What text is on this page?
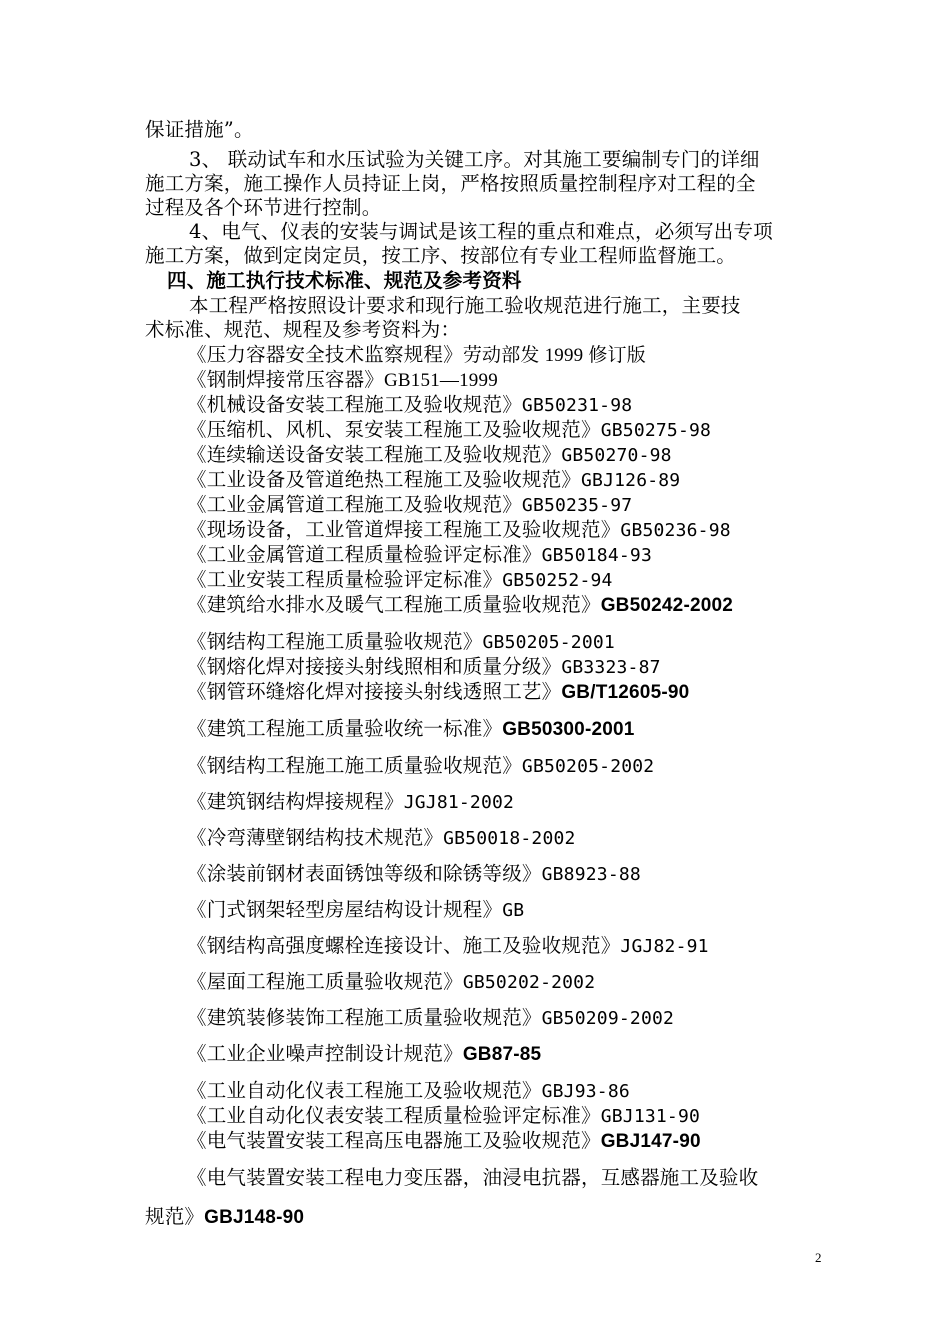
保证措施”。
3、 联动试车和水压试验为关键工序。对其施工要编制专门的详细
施工方案，施工操作人员持证上岗，严格按照质量控制程序对工程的全
过程及各个环节进行控制。
4、电气、仪表的安装与调试是该工程的重点和难点，必须写出专项
施工方案，做到定岗定员，按工序、按部位有专业工程师监督施工。
四、施工执行技术标准、规范及参考资料
本工程严格按照设计要求和现行施工验收规范进行施工，主要技
术标准、规范、规程及参考资料为：
《压力容器安全技术监察规程》劳动部发 1999 修订版
《钢制焊接常压容器》GB151—1999
《机械设备安装工程施工及验收规范》GB50231-98
《压缩机、风机、泵安装工程施工及验收规范》GB50275-98
《连续输送设备安装工程施工及验收规范》GB50270-98
《工业设备及管道绝热工程施工及验收规范》GBJ126-89
《工业金属管道工程施工及验收规范》GB50235-97
《现场设备，工业管道焊接工程施工及验收规范》GB50236-98
《工业金属管道工程质量检验评定标准》GB50184-93
《工业安装工程质量检验评定标准》GB50252-94
《建筑给水排水及暖气工程施工质量验收规范》GB50242-2002
《钢结构工程施工质量验收规范》GB50205-2001
《钢熔化焊对接接头射线照相和质量分级》GB3323-87
《钢管环缝熔化焊对接接头射线透照工艺》GB/T12605-90
《建筑工程施工质量验收统一标准》GB50300-2001
《钢结构工程施工施工质量验收规范》GB50205-2002
《建筑钢结构焊接规程》JGJ81-2002
《冷弯薄壁钢结构技术规范》GB50018-2002
《涂装前钢材表面锈蚀等级和除锈等级》GB8923-88
《门式钢架轻型房屋结构设计规程》GB
《钢结构高强度螺栓连接设计、施工及验收规范》JGJ82-91
《屋面工程施工质量验收规范》GB50202-2002
《建筑装修装饰工程施工质量验收规范》GB50209-2002
《工业企业噪声控制设计规范》GB87-85
《工业自动化仪表工程施工及验收规范》GBJ93-86
《工业自动化仪表安装工程质量检验评定标准》GBJ131-90
《电气装置安装工程高压电器施工及验收规范》GBJ147-90
《电气装置安装工程电力变压器，油浸电抗器，互感器施工及验收
规范》GBJ148-90
2
